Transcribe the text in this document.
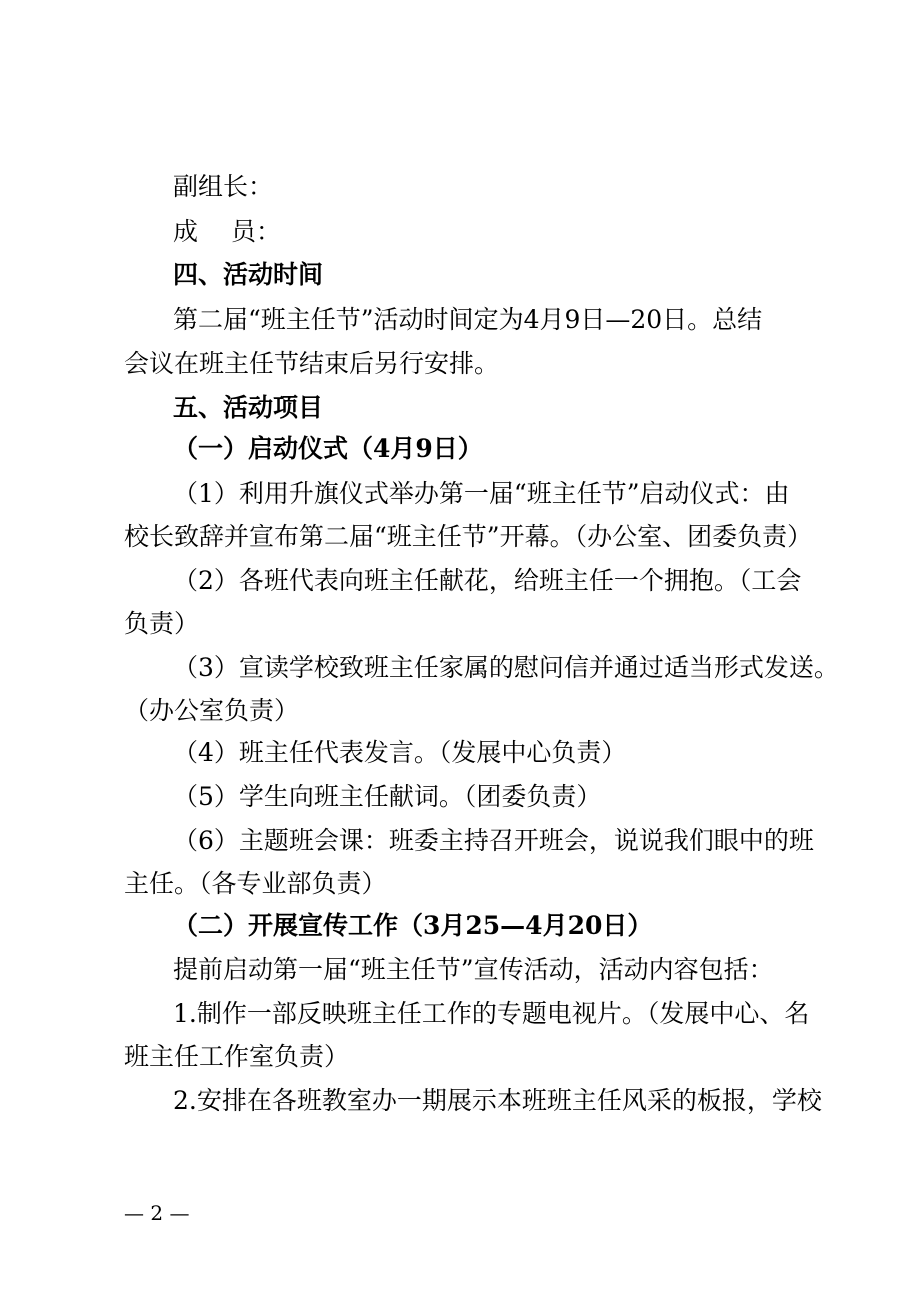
副组长：
成　 员：
四、活动时间
第二届“班主任节”活动时间定为4月9日—20日。总结
会议在班主任节结束后另行安排。
五、活动项目
（一）启动仪式（4月9日）
（1）利用升旗仪式举办第一届“班主任节”启动仪式：由
校长致辞并宣布第二届“班主任节”开幕。（办公室、团委负责）
（2）各班代表向班主任献花，给班主任一个拥抱。（工会
负责）
（3）宣读学校致班主任家属的慰问信并通过适当形式发送。
（办公室负责）
（4）班主任代表发言。（发展中心负责）
（5）学生向班主任献词。（团委负责）
（6）主题班会课：班委主持召开班会，说说我们眼中的班
主任。（各专业部负责）
（二）开展宣传工作（3月25—4月20日）
提前启动第一届“班主任节”宣传活动，活动内容包括：
1.制作一部反映班主任工作的专题电视片。（发展中心、名
班主任工作室负责）
2.安排在各班教室办一期展示本班班主任风采的板报，学校
— 2 —
